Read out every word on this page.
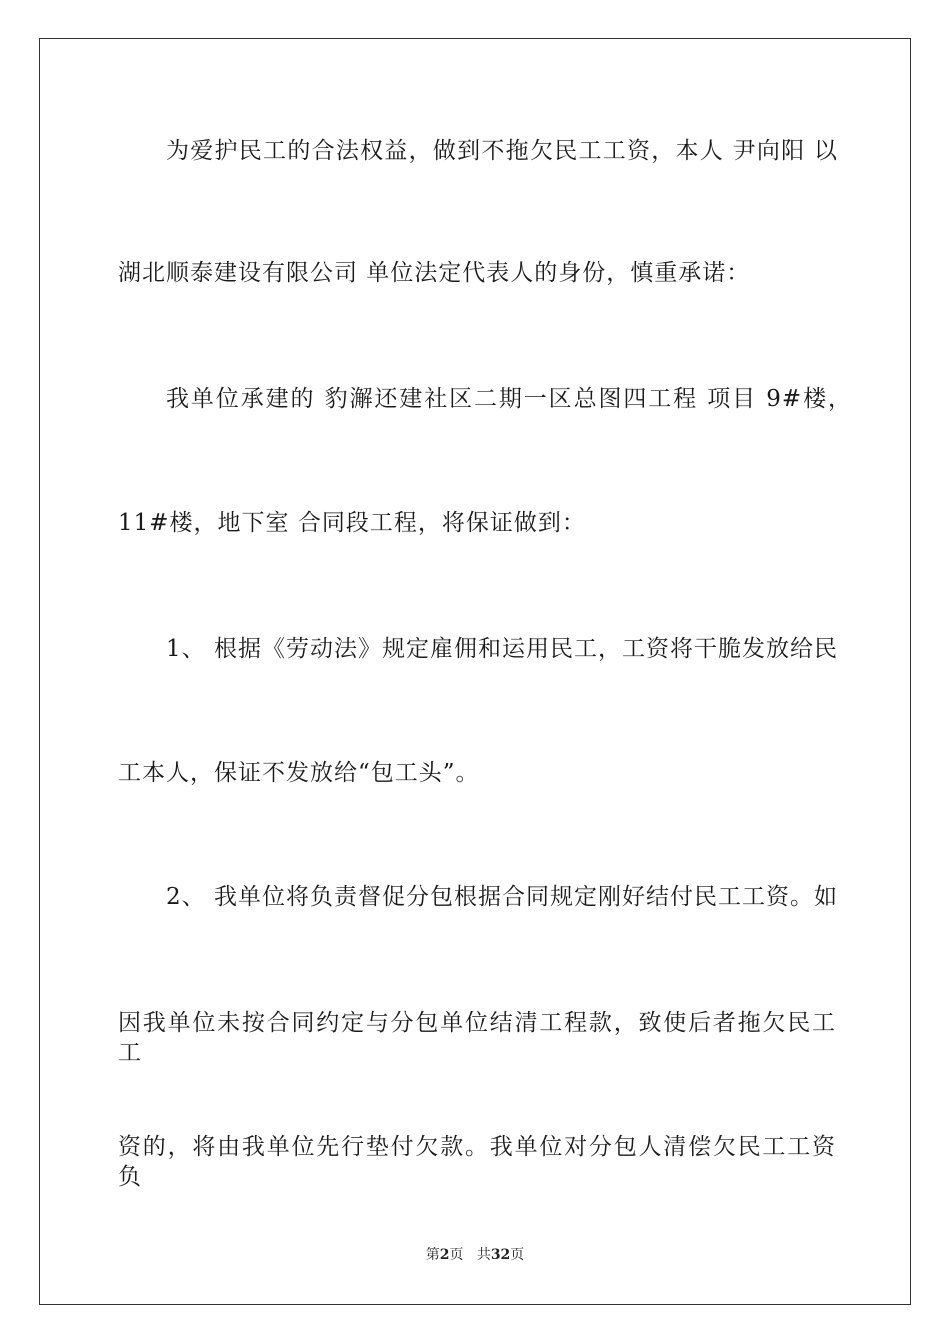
为爱护民工的合法权益，做到不拖欠民工工资，本人 尹向阳 以
湖北顺泰建设有限公司 单位法定代表人的身份，慎重承诺：
我单位承建的 豹澥还建社区二期一区总图四工程 项目 9#楼，
11#楼，地下室 合同段工程，将保证做到：
1、 根据《劳动法》规定雇佣和运用民工，工资将干脆发放给民
工本人，保证不发放给“包工头”。
2、 我单位将负责督促分包根据合同规定刚好结付民工工资。如
因我单位未按合同约定与分包单位结清工程款，致使后者拖欠民工工
资的，将由我单位先行垫付欠款。我单位对分包人清偿欠民工工资负
第2页 共32页
